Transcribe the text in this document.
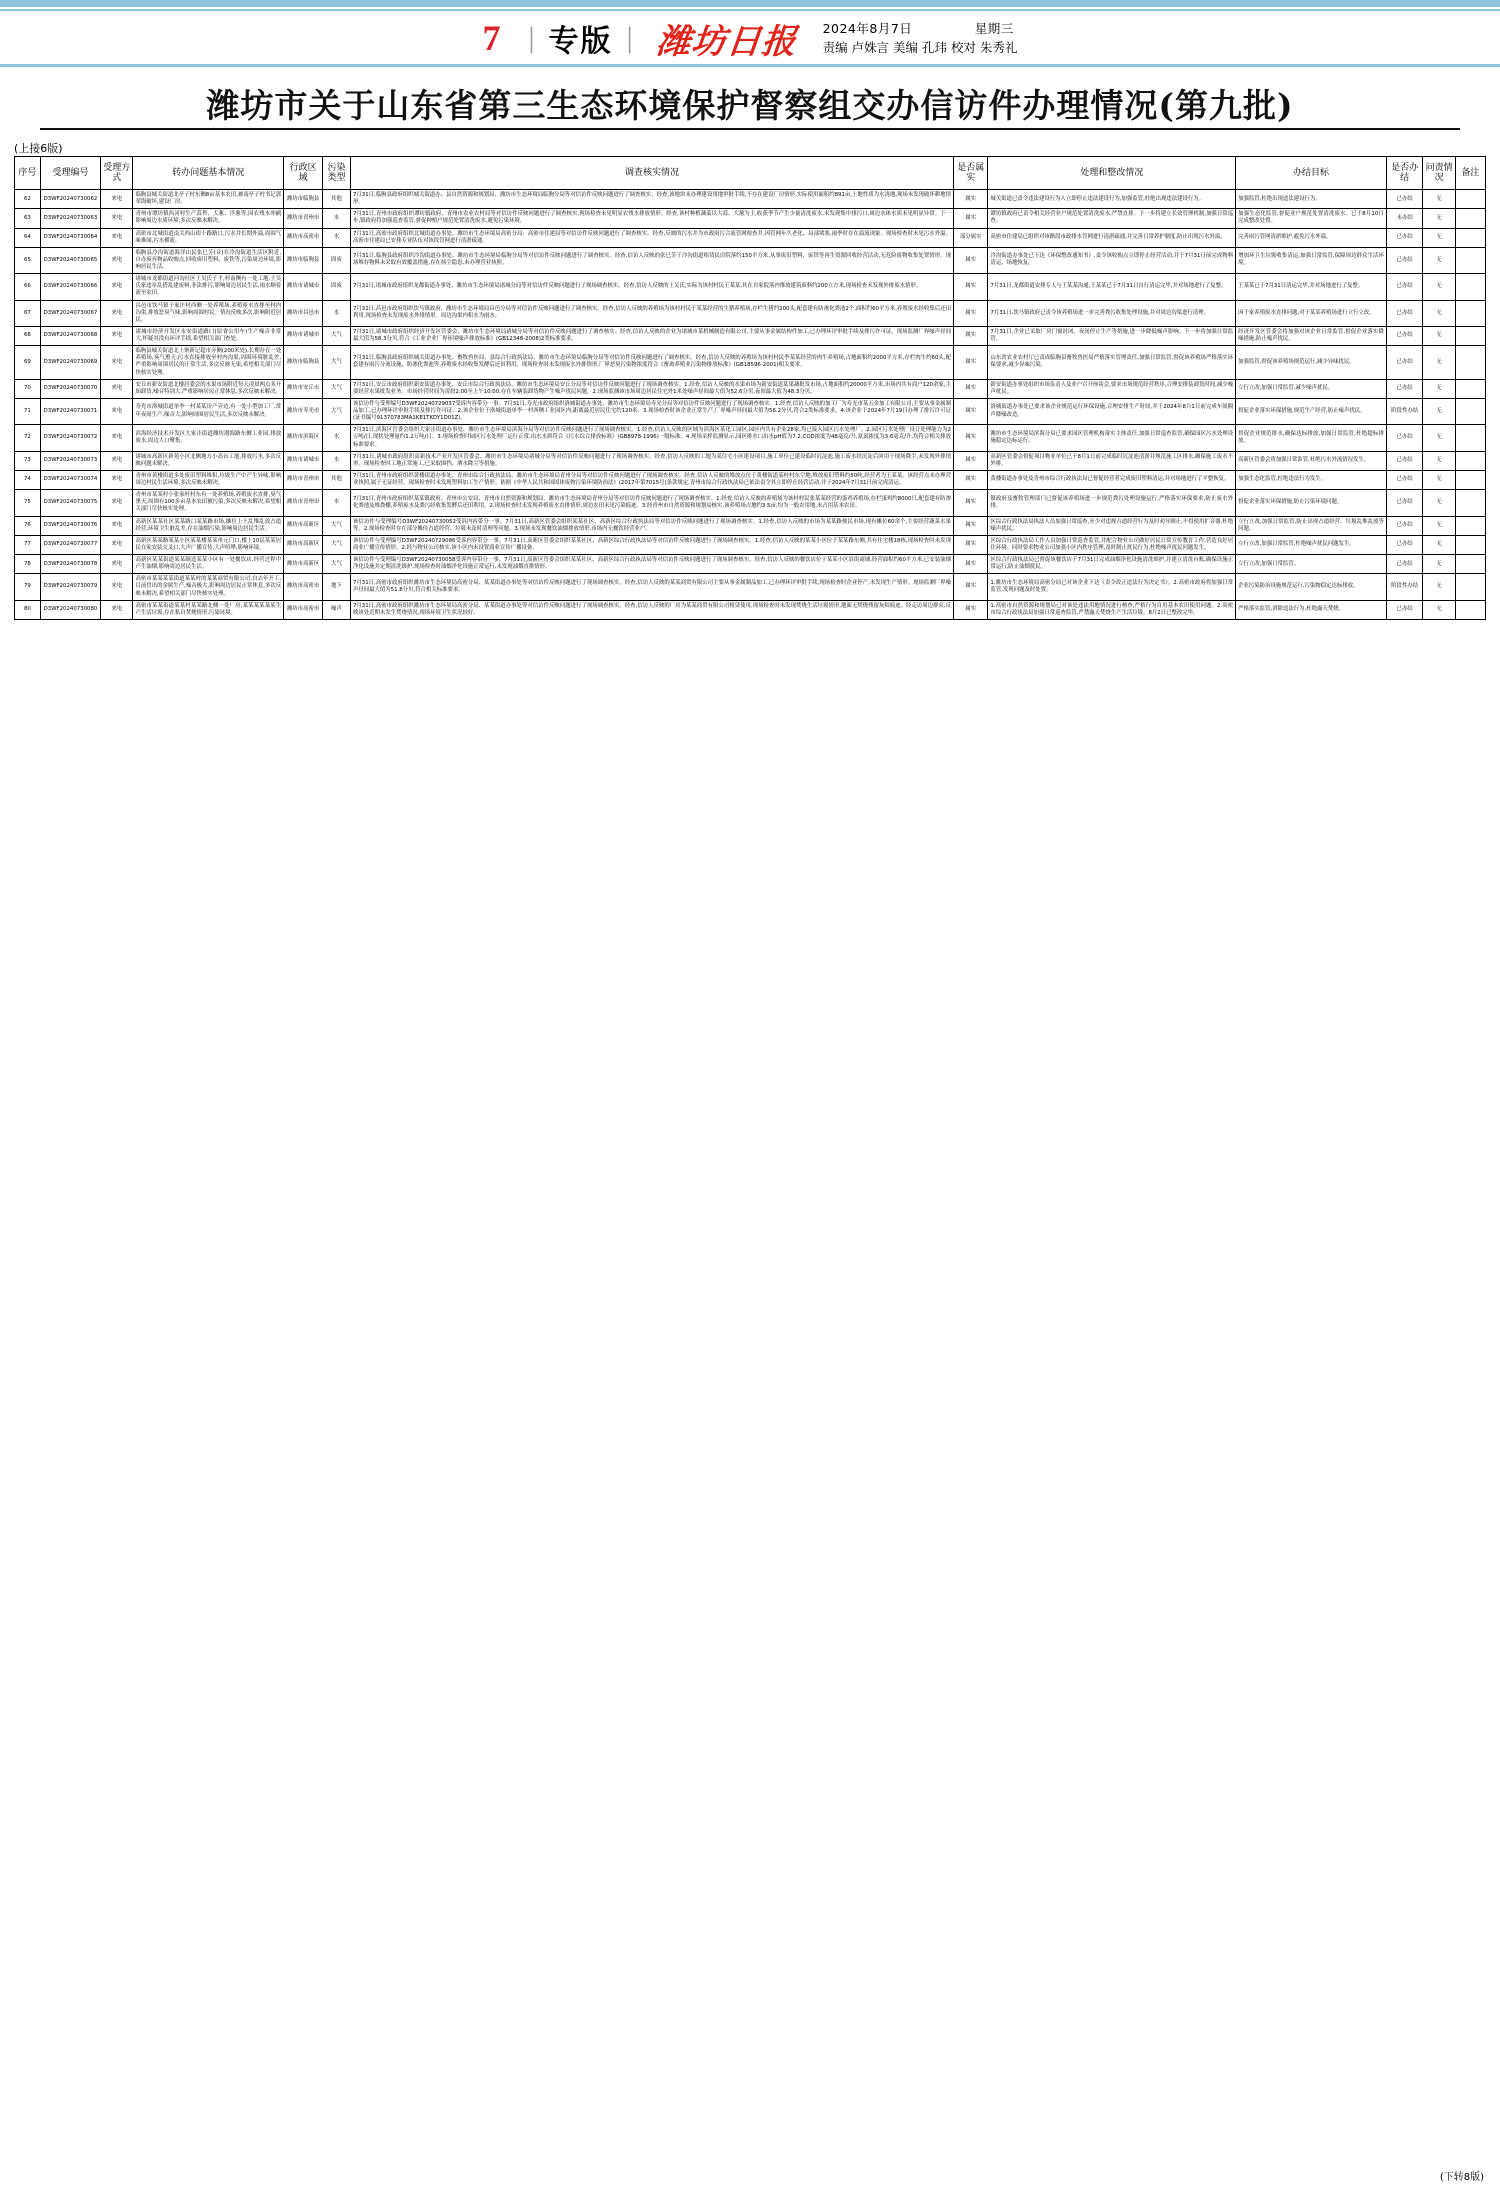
7 | 专版 | 潍坊日报	2024年8月7日	星期三
责编 卢姝言 美编 孔玮 校对 朱秀礼
潍坊市关于山东省第三生态环境保护督察组交办信访件办理情况(第九批)
(上接6版)
序号	受理编号	受理方式	转办问题基本情况	行政区域	污染类型	调查核实情况	是否属实	处理和整改情况	办结目标	是否办结	问责情况	备注
62	D3WF20240730062	来电	临朐县城关街道北亭子村东侧8亩基本农田,被南亭子村书记郭荣海破坏,建设厂房。	潍坊市临朐县	其他	7月31日,临朐县政府组织城关街道办、县自然资源和规划局、潍坊市生态环境局临朐分局等对信访件反映问题进行了调查核实。经查,该地块未办理建设用地审批手续,不存在建设厂房情形,实际使用面积约891亩,土地性质为水浇地,现场未发现破坏耕地情形。	属实	城关街道已责令违法建设行为人立即停止违法建设行为,加强监管,杜绝出现违法建设行为。	加强监管,杜绝出现违法建设行为。	已办结	无	
63	D3WF20240730063	来电	青州市谭坊镇西河村生产蒜苔、大葱、洋葱等,因农残水冲刷影响周边水质环境,多次反映未解决。	潍坊市青州市	水	7月31日,青州市政府组织谭坊镇政府、青州市农业农村局等对信访件反映问题进行了调查核实,现场检查未见明显农残水排放情形。经查,该村种植蔬菜以大蒜、大葱为主,收获季节产生少量清洗废水,未发现集中排污口,周边水体水质未见明显异常。下一步,镇政府将加强巡查监管,督促种植户规范处置清洗废水,避免污染环境。	属实	谭坊镇政府已责令相关经营业户规范处置清洗废水,严禁直排。下一步将建立长效管理机制,加强日常巡查。	加强生态化监管,督促业户规范处置清洗废水。已于8月10日完成整改处置。	未办结	无	
64	D3WF20240730064	来电	高密市北城街道南关西山街十路路口,污水井长期外溢,周围气味难闻,污水横流。	潍坊市高密市	水	7月31日,高密市政府组织北城街道办事处、潍坊市生态环境局高密分局、高密市住建局等对信访件反映问题进行了调查核实。经查,反映的污水井为市政雨污合流管网检查井,因管网年久老化、局部堵塞,雨季时存在溢流现象。现场检查时未见污水外溢。高密市住建局已安排专业队伍对该段管网进行清淤疏通。	部分属实	高密市住建局已组织对该路段市政排水管网进行清淤疏通,并完善日常养护制度,防止出现污水外溢。	完善雨污管网清淤维护,避免污水外溢。	已办结	无	
65	D3WF20240730065	来电	临朐县冷沟街道海洋山民张巳芳(音)在冷沟街道生活区附近,自办废弃物品收购点,回收废旧塑料、废铁等,污染周边环境,影响居民生活。	潍坊市临朐县	固废	7月31日,临朐县政府组织冷沟街道办事处、潍坊市生态环境局临朐分局等对信访件反映问题进行了调查核实。经查,信访人反映的张巳芳于冷沟街道租赁民房院落约150平方米,从事废旧塑料、废铁等再生资源回收经营活动,无危险废物收集处置情形。现场堆存物料未采取有效覆盖措施,存在扬尘隐患,未办理营业执照。	属实	冷沟街道办事处已下达《环保整改通知书》,责令该收购点立即停止经营活动,并于7月31日前完成物料清运、场地恢复。	增加环卫生垃圾收集清运,加强日常监管,保障周边群众生活环境。	已办结	无	
66	D3WF20240730066	来电	诸城市龙都街道河沟社区王吴氏子平,村南侧有一处工地,王吴氏家违章乱搭乱建废料,非法排污,影响周边居民生活,雨水顺着流至农田。	潍坊市诸城市	固废	7月31日,诸城市政府组织龙都街道办事处、潍坊市生态环境局诸城分局等对信访件反映问题进行了现场调查核实。经查,信访人反映的王吴氏,实际为该村村民王某某,其在自家院落内堆放建筑废料约200立方米,现场检查未发现外排废水情形。	属实	7月31日,龙都街道安排专人与王某某沟通,王某某已于7月31日自行清运完毕,并对场地进行了复整。	王某某已于7月31日清运完毕,并对场地进行了复整。	已办结	无	
67	D3WF20240730067	来电	昌邑市饮马镇于家庄村西侧一处养殖场,养殖废水直排至村内沟渠,排放恶臭气味,影响周围村民。情况反映多次,影响附近居民。	潍坊市昌邑市	水	7月31日,昌邑市政府组织饮马镇政府、潍坊市生态环境局昌邑分局等对信访件反映问题进行了调查核实。经查,信访人反映的养殖场为该村村民于某某经营的生猪养殖场,存栏生猪约200头,配套建有防渗化粪池2个,面积约60平方米,养殖废水经收集后还田利用,现场检查未发现废水外排情形。周边沟渠内积水为雨水。	属实	7月31日,饮马镇政府已责令该养殖场进一步完善粪污收集处理设施,并对周边沟渠进行清理。	因于家养殖废水直排问题,对于某某养殖场进行立行立改。	已办结	无	
68	D3WF20240730068	来电	诸城市经济开发区永安街道路口(原省公用车)生产噪音非常大,怀疑其没有环评手续,希望相关部门查处。	潍坊市诸城市	大气	7月31日,诸城市政府组织经济开发区管委会、潍坊市生态环境局诸城分局等对信访件反映问题进行了调查核实。经查,信访人反映的企业为诸城市某机械制造有限公司,主要从事金属结构件加工,已办理环评审批手续及排污许可证。现场监测厂界噪声昼间最大值为58.3分贝,符合《工业企业厂界环境噪声排放标准》(GB12348-2008)2类标准要求。	属实	7月31日,企业已采取厂房门窗封闭、夜间停止生产等措施,进一步降低噪声影响。下一步将加强日常监管。	经济开发区管委会将加强对该企业日常监管,督促企业落实降噪措施,防止噪声扰民。	已办结	无	
69	D3WF20240730069	来电	临朐县城关街道北上寨新记超市旁侧(200米处),长期存在一处养殖场,臭气熏天,污水直接排放至村内沟渠,周围环境脏乱差,严重影响周围居民的正常生活,多次反映无果,希望相关部门尽快核实处理。	潍坊市临朐县	大气	7月31日,临朐县政府组织城关街道办事处、畜牧兽医局、县综合行政执法局、潍坊市生态环境局临朐分局等对信访件反映问题进行了调查核实。经查,信访人反映的养殖场为该村村民李某某经营的肉牛养殖场,占地面积约2000平方米,存栏肉牛约60头,配套建有雨污分流设施、防渗化粪池等,养殖废水经收集发酵后还田利用。现场检查时未发现废水外排情形,厂界恶臭污染物浓度符合《畜禽养殖业污染物排放标准》(GB18596-2001)相关要求。	属实	山东省农业农村厅已责成临朐县畜牧兽医局严格落实管理责任,加强日常监管,督促该养殖场严格落实环保要求,减少异味污染。	加强监管,督促该养殖场规范运行,减少异味扰民。	已办结	无	
70	D3WF20240730070	来电	安丘市新安街道北楼居委会的水果市场附近每天凌晨两点多开始卸货,噪音特别大,严重影响居民正常休息,多次反映未解决。	潍坊市安丘市	大气	7月31日,安丘市政府组织新安街道办事处、安丘市综合行政执法局、潍坊市生态环境局安丘分局等对信访件反映问题进行了现场调查核实。1.经查,信访人反映的水果市场为新安街道某果蔬批发市场,占地面积约20000平方米,市场内共有商户120余家,主要经营水果批发业务。市场经营时间为凌晨2:00至上午10:00,存在车辆装卸货物产生噪声扰民问题。2.现场监测该市场周边居民住宅外1米处噪声昼间最大值为52.6分贝,夜间最大值为48.3分贝。	属实	新安街道办事处组织市场负责人及业户召开座谈会,要求市场规范经营秩序,合理安排装卸货时间,减少噪声扰民。	立行立改,加强日常监管,减少噪声扰民。	已办结	无	
71	D3WF20240730071	来电	寿光市洛城街道单李一村某某房产旁边,有一处小型加工厂,常年夜间生产,噪音大,影响周围居民生活,多次反映未解决。	潍坊市寿光市	大气	该信访件与受理编号D3WF20240729037受诉内容带分一事。7月31日,寿光市政府组织洛城街道办事处、潍坊市生态环境局寿光分局等对信访件反映问题进行了现场调查核实。1.经查,信访人反映的加工厂为寿光市某五金加工有限公司,主要从事金属制品加工,已办理环评审批手续及排污许可证。2.该企业位于洛城街道单李一村西侧工业园区内,距离最近居民住宅约120米。3.现场检查时该企业正常生产,厂界噪声昼间最大值为56.2分贝,符合2类标准要求。4.该企业于2024年7月19日办理了排污许可证(证书编号91370783MA1KE1TKDY1D01Z)。	属实	洛城街道办事处已要求该企业规范运行环保设施,合理安排生产时间,并于2024年8月1日前完成车间隔声降噪改造。	督促企业落实环保措施,规范生产经营,防止噪声扰民。	阶段性办结	无	
72	D3WF20240730072	来电	滨海经济技术开发区大家洼街道潍坊渤海路东侧工业园,排放废水,周边人口聚集。	潍坊市滨海区	水	7月31日,滨海区管委会组织大家洼街道办事处、潍坊市生态环境局滨海分局等对信访件反映问题进行了现场调查核实。1.经查,信访人反映的区域为滨海区某化工园区,园区内共有企业28家,均已接入园区污水处理厂。2.园区污水处理厂设计处理能力为2万吨/日,现状处理量约1.2万吨/日。3.现场检查时园区污水处理厂运行正常,出水水质符合《污水综合排放标准》(GB8978-1996)一级标准。4.现场采样监测显示,园区排水口出水pH值为7.2,COD浓度为48毫克/升,氨氮浓度为3.6毫克/升,均符合相关排放标准要求。	属实	潍坊市生态环境局滨海分局已要求园区管理机构落实主体责任,加强日常巡查监管,确保园区污水处理设施稳定达标运行。	督促企业规范排水,确保达标排放,加强日常监管,杜绝超标排放。	已办结	无	
73	D3WF20240730073	来电	诸城市高新区新苑小区北侧地方小高台工地,排放污水,多次反映问题未解决。	潍坊市诸城市	水	7月31日,诸城市政府组织高新技术产业开发区管委会、潍坊市生态环境局诸城分局等对信访件反映问题进行了现场调查核实。经查,信访人反映的工地为某住宅小区建设项目,施工单位已建设临时沉淀池,施工废水经沉淀后回用于现场降尘,未发现外排情形。现场检查时工地正常施工,已采取围挡、洒水降尘等措施。	属实	高新区管委会督促项目物业单位已于8月1日前完成临时沉淀池清淤并规范施工区排水,确保施工废水不外排。	高新区管委会将加强日常监管,杜绝污水外流情况发生。	已办结	无	
74	D3WF20240730074	来电	青州市黄楼街道多处废旧塑料堆积,垃圾生产中产生异味,影响周边村民生活环境,多次反映未解决。	潍坊市青州市	其他	7月31日,青州市政府组织黄楼街道办事处、青州市综合行政执法局、潍坊市生态环境局青州分局等对信访件反映问题进行了现场调查核实。经查,信访人反映的堆放点位于黄楼街道某村村东空地,堆放废旧塑料约50吨,经营者为王某某。该经营点未办理营业执照,属于无证经营。现场检查时未发现塑料加工生产情形。依据《中华人民共和国固体废物污染环境防治法》(2017年第7015号)条款规定,青州市综合行政执法局已依法责令其立即停止经营活动,并于2024年7月31日前完成清运。	属实	黄楼街道办事处及青州市综合行政执法局已督促经营者完成废旧塑料清运,并对场地进行了平整恢复。	加强生态化监管,杜绝违法行为发生。	已办结	无	
75	D3WF20240730075	来电	青州市某某村小张家村村东有一处养殖场,养殖废水直排,臭气熏天,周围有100多亩基本农田被污染,多次反映未解决,希望相关部门尽快核实处理。	潍坊市青州市	水	7月31日,青州市政府组织某某镇政府、青州市公安局、青州市自然资源和规划局、潍坊市生态环境局青州分局等对信访件反映问题进行了现场调查核实。1.经查,信访人反映的养殖场为该村村民张某某经营的蛋鸡养殖场,存栏蛋鸡约8000只,配套建有防渗化粪池及堆粪棚,养殖废水及粪污经收集发酵后还田利用。2.现场检查时未发现养殖废水直排情形,周边农田未见污染痕迹。3.经青州市自然资源和规划局核实,该养殖场占地约3.5亩,均为一般农用地,未占用基本农田。	属实	镇政府及畜牧管理部门已督促该养殖场进一步规范粪污处理设施运行,严格落实环保要求,防止废水外排。	督促企业落实环保措施,防止污染环境问题。	已办结	无	
76	D3WF20240730076	来电	高新区某某社区某某路口某某路市场,摊位上上乱堆乱放占道经营,环境卫生脏乱差,存在油烟污染,影响周边居民生活。	潍坊市高新区	大气	该信访件与受理编号D3WF20240730052受诉内容带分一事。7月31日,高新区管委会组织某某社区、高新区综合行政执法局等对信访件反映问题进行了现场调查核实。1.经查,信访人反映的市场为某某路便民市场,现有摊位60余个,主要经营蔬菜水果等。2.现场检查时存在部分摊位占道经营、垃圾未及时清理等问题。3.现场未发现餐饮油烟排放情形,市场内无餐饮经营业户。	属实	区综合行政执法局执法人员加强日常巡查,至少对违规占道经营行为及时劝导制止,不得使用扩音器,杜绝噪声扰民。	立行立改,加强日常监管,防止出现占道经营、垃圾乱堆乱放等问题。	已办结	无	
77	D3WF20240730077	来电	高新区某某路某某小区某某楼某某单元门口,楼上10层某某居民在家安装交叉口,大声广播宣传,大声喧哗,影响环境。	潍坊市高新区	大气	该信访件与受理编号D3WF20240729086受诉内容带分一事。7月31日,高新区管委会组织某某社区、高新区综合行政执法局等对信访件反映问题进行了现场调查核实。1.经查,信访人反映的某某小区位于某某路东侧,共有住宅楼18栋,现场检查时未发现商业广播宣传情形。2.经与物业公司核实,该小区内未设置商业宣传广播设备。	属实	区综合行政执法局工作人员加强日常巡查监管,并配合物业公司做好居民日常宣传教育工作,营造良好居住环境。同时要求物业公司加强小区内秩序管理,及时制止扰民行为,杜绝噪声扰民问题发生。	立行立改,加强日常监管,杜绝噪声扰民问题发生。	已办结	无	
78	D3WF20240730078	来电	高新区某某街道某某制造某某小区有一处餐饮店,经营过程中产生油烟,影响周边居民生活。	潍坊市高新区	大气	该信访件与受理编号D3WF20240730058受诉内容带分一事。7月31日,高新区管委会组织某某社区、高新区综合行政执法局等对信访件反映问题进行了现场调查核实。经查,信访人反映的餐饮店位于某某小区沿街商铺,经营面积约60平方米,已安装油烟净化设施并定期清洗维护,现场检查时油烟净化设施正常运行,未发现油烟直排情形。	属实	区综合行政执法局已督促该餐饮店于7月31日完成油烟净化设施清洗维护,并建立清洗台账,确保设施正常运行,防止油烟扰民。	立行立改,加强日常监管。	已办结	无	
79	D3WF20240730079	来电	高密市某某某某街道某某村的某某商贸有限公司,自去年开工,目前冒出的金属生产,噪音极大,影响周边居民正常休息,多次反映未解决,希望相关部门尽快核实处理。	潍坊市高密市	地下	7月31日,高密市政府组织潍坊市生态环境局高密分局、某某街道办事处等对信访件反映问题进行了现场调查核实。经查,信访人反映的某某商贸有限公司主要从事金属制品加工,已办理环评审批手续,现场检查时企业停产,未发现生产情形。现场监测厂界噪声昼间最大值为51.8分贝,符合相关标准要求。	属实	1.潍坊市生态环境局高密分局已对该企业下达《责令改正违法行为决定书》。2.高密市政府将加强日常监管,发现问题及时处置。	企业污染防治设施规范运行,污染物稳定达标排放。	阶段性办结	无	
80	D3WF20240730080	来电	高密市某某街道某某村某某路北侧一处厂房,某某某某某某生产生活垃圾,存在私自焚烧情形,污染环境。	潍坊市高密市	噪声	7月31日,高密市政府组织潍坊市生态环境局高密分局、某某街道办事处等对信访件反映问题进行了现场调查核实。经查,信访人反映的厂房为某某商贸有限公司租赁使用,现场检查时未发现焚烧生活垃圾情形,地面无焚烧残留灰烬痕迹。经走访周边群众,反映该处近期未发生焚烧情况,现场环境卫生状况较好。	属实	1.高密市自然资源和规划局已对该处违法用地情况进行核查,严格行为自用基本农田使用问题。2.高密市综合行政执法局加强日常巡查监管,严禁露天焚烧生产生活垃圾。8月2日已整改完毕。	严格落实监管,消除违法行为,杜绝露天焚烧。	已办结	无	
(下转8版)
